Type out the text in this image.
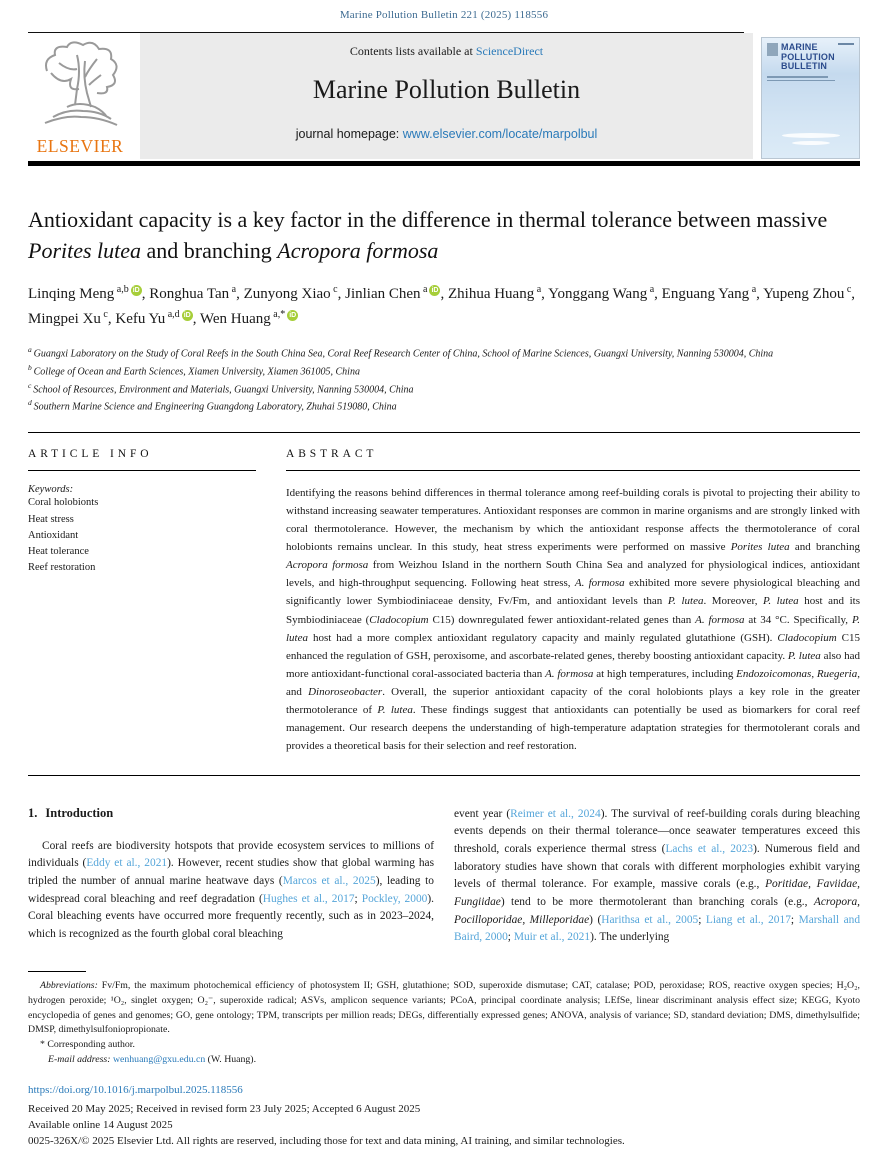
Marine Pollution Bulletin 221 (2025) 118556
ELSEVIER
Contents lists available at ScienceDirect
Marine Pollution Bulletin
journal homepage: www.elsevier.com/locate/marpolbul
MARINE POLLUTION BULLETIN
Antioxidant capacity is a key factor in the difference in thermal tolerance between massive Porites lutea and branching Acropora formosa
Linqing Meng $^{a,b}$ iD , Ronghua Tan $^a$, Zunyong Xiao $^c$, Jinlian Chen $^a$ iD , Zhihua Huang $^a$, Yonggang Wang $^a$, Enguang Yang $^a$, Yupeng Zhou $^c$, Mingpei Xu $^c$, Kefu Yu $^{a,d}$ iD , Wen Huang $^{a,*}$ iD
$^a$ Guangxi Laboratory on the Study of Coral Reefs in the South China Sea, Coral Reef Research Center of China, School of Marine Sciences, Guangxi University, Nanning 530004, China
$^b$ College of Ocean and Earth Sciences, Xiamen University, Xiamen 361005, China
$^c$ School of Resources, Environment and Materials, Guangxi University, Nanning 530004, China
$^d$ Southern Marine Science and Engineering Guangdong Laboratory, Zhuhai 519080, China
ARTICLE INFO
Keywords:
Coral holobionts
Heat stress
Antioxidant
Heat tolerance
Reef restoration
ABSTRACT

Identifying the reasons behind differences in thermal tolerance among reef-building corals is pivotal to projecting their ability to withstand increasing seawater temperatures. Antioxidant responses are common in marine organisms and are strongly linked with coral thermotolerance. However, the mechanism by which the antioxidant response affects the thermotolerance of coral holobionts remains unclear. In this study, heat stress experiments were performed on massive Porites lutea and branching Acropora formosa from Weizhou Island in the northern South China Sea and analyzed for physiological indices, antioxidant levels, and high-throughput sequencing. Following heat stress, A. formosa exhibited more severe physiological bleaching and significantly lower Symbiodiniaceae density, Fv/Fm, and antioxidant levels than P. lutea. Moreover, P. lutea host and its Symbiodiniaceae (Cladocopium C15) downregulated fewer antioxidant-related genes than A. formosa at 34 °C. Specifically, P. lutea host had a more complex antioxidant regulatory capacity and mainly regulated glutathione (GSH). Cladocopium C15 enhanced the regulation of GSH, peroxisome, and ascorbate-related genes, thereby boosting antioxidant capacity. P. lutea also had more antioxidant-functional coral-associated bacteria than A. formosa at high temperatures, including Endozoicomonas, Ruegeria, and Dinoroseobacter. Overall, the superior antioxidant capacity of the coral holobionts plays a key role in the greater thermotolerance of P. lutea. These findings suggest that antioxidants can potentially be used as biomarkers for coral reef management. Our research deepens the understanding of high-temperature adaptation strategies for thermotolerant corals and provides a theoretical basis for their selection and reef restoration.

1. Introduction

Coral reefs are biodiversity hotspots that provide ecosystem services to millions of individuals (Eddy et al., 2021). However, recent studies show that global warming has tripled the number of annual marine heatwave days (Marcos et al., 2025), leading to widespread coral bleaching and reef degradation (Hughes et al., 2017; Pockley, 2000). Coral bleaching events have occurred more frequently recently, such as in 2023–2024, which is recognized as the fourth global coral bleaching

event year (Reimer et al., 2024). The survival of reef-building corals during bleaching events depends on their thermal tolerance—once seawater temperatures exceed this threshold, corals experience thermal stress (Lachs et al., 2023). Numerous field and laboratory studies have shown that corals with different morphologies exhibit varying levels of thermal tolerance. For example, massive corals (e.g., Poritidae, Faviidae, Fungiidae) tend to be more thermotolerant than branching corals (e.g., Acropora, Pocilloporidae, Milleporidae) (Harithsa et al., 2005; Liang et al., 2017; Marshall and Baird, 2000; Muir et al., 2021). The underlying

Abbreviations: Fv/Fm, the maximum photochemical efficiency of photosystem II; GSH, glutathione; SOD, superoxide dismutase; CAT, catalase; POD, peroxidase; ROS, reactive oxygen species; H₂O₂, hydrogen peroxide; ¹O₂, singlet oxygen; O₂⁻, superoxide radical; ASVs, amplicon sequence variants; PCoA, principal coordinate analysis; LEfSe, linear discriminant analysis effect size; KEGG, Kyoto encyclopedia of genes and genomes; GO, gene ontology; TPM, transcripts per million reads; DEGs, differentially expressed genes; ANOVA, analysis of variance; SD, standard deviation; DMS, dimethylsulfide; DMSP, dimethylsulfoniopropionate.

* Corresponding author.

E-mail address: wenhuang@gxu.edu.cn (W. Huang).

https://doi.org/10.1016/j.marpolbul.2025.118556
Received 20 May 2025; Received in revised form 23 July 2025; Accepted 6 August 2025
Available online 14 August 2025
0025-326X/© 2025 Elsevier Ltd. All rights are reserved, including those for text and data mining, AI training, and similar technologies.
